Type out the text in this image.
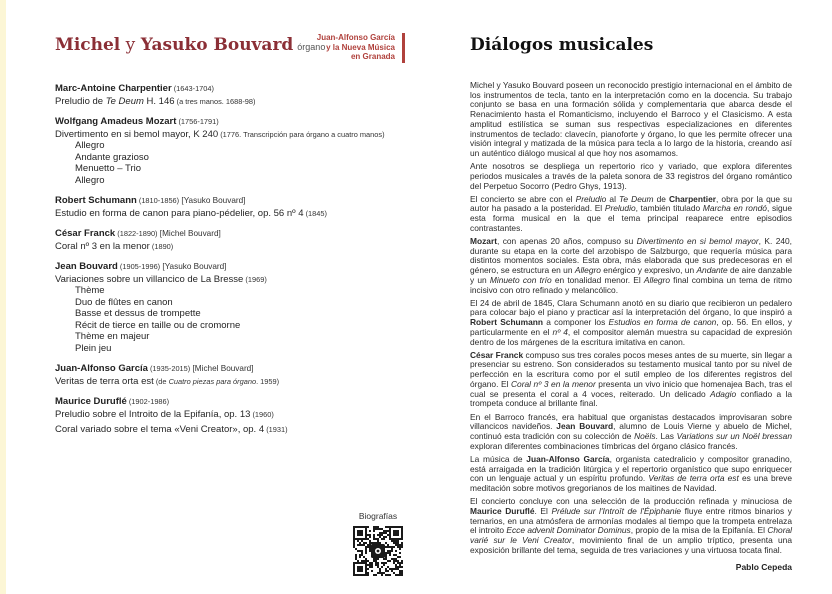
Michel y Yasuko Bouvard órgano
Marc-Antoine Charpentier (1643-1704)
Preludio de Te Deum H. 146 (a tres manos. 1688-98)
Wolfgang Amadeus Mozart (1756-1791)
Divertimento en si bemol mayor, K 240 (1776. Transcripción para órgano a cuatro manos)
Allegro
Andante grazioso
Menuetto – Trio
Allegro
Robert Schumann (1810-1856) [Yasuko Bouvard]
Estudio en forma de canon para piano-pédelier, op. 56 nº 4 (1845)
César Franck (1822-1890) [Michel Bouvard]
Coral nº 3 en la menor (1890)
Jean Bouvard (1905-1996) [Yasuko Bouvard]
Variaciones sobre un villancico de La Bresse (1969)
Thème
Duo de flûtes en canon
Basse et dessus de trompette
Récit de tierce en taille ou de cromorne
Thème en majeur
Plein jeu
Juan-Alfonso García (1935-2015) [Michel Bouvard]
Veritas de terra orta est (de Cuatro piezas para órgano. 1959)
Maurice Duruflé (1902-1986)
Preludio sobre el Introito de la Epifanía, op. 13 (1960)
Coral variado sobre el tema «Veni Creator», op. 4 (1931)
Juan-Alfonso García
y la Nueva Música
en Granada
Biografías
Diálogos musicales

Michel y Yasuko Bouvard poseen un reconocido prestigio internacional en el ámbito de los instrumentos de tecla, tanto en la interpretación como en la docencia. Su trabajo conjunto se basa en una formación sólida y complementaria que abarca desde el Renacimiento hasta el Romanticismo, incluyendo el Barroco y el Clasicismo. A esta amplitud estilística se suman sus respectivas especializaciones en diferentes instrumentos de teclado: clavecín, pianoforte y órgano, lo que les permite ofrecer una visión integral y matizada de la música para tecla a lo largo de la historia, creando así un auténtico diálogo musical al que hoy nos asomamos.

Ante nosotros se despliega un repertorio rico y variado, que explora diferentes periodos musicales a través de la paleta sonora de 33 registros del órgano romántico del Perpetuo Socorro (Pedro Ghys, 1913).

El concierto se abre con el Preludio al Te Deum de Charpentier, obra por la que su autor ha pasado a la posteridad. El Preludio, también titulado Marcha en rondó, sigue esta forma musical en la que el tema principal reaparece entre episodios contrastantes.

Mozart, con apenas 20 años, compuso su Divertimento en si bemol mayor, K. 240, durante su etapa en la corte del arzobispo de Salzburgo, que requería música para distintos momentos sociales. Esta obra, más elaborada que sus predecesoras en el género, se estructura en un Allegro enérgico y expresivo, un Andante de aire danzable y un Minueto con trío en tonalidad menor. El Allegro final combina un tema de ritmo incisivo con otro refinado y melancólico.

El 24 de abril de 1845, Clara Schumann anotó en su diario que recibieron un pedalero para colocar bajo el piano y practicar así la interpretación del órgano, lo que inspiró a Robert Schumann a componer los Estudios en forma de canon, op. 56. En ellos, y particularmente en el nº 4, el compositor alemán muestra su capacidad de expresión dentro de los márgenes de la escritura imitativa en canon.

César Franck compuso sus tres corales pocos meses antes de su muerte, sin llegar a presenciar su estreno. Son considerados su testamento musical tanto por su nivel de perfección en la escritura como por el sutil empleo de los diferentes registros del órgano. El Coral nº 3 en la menor presenta un vivo inicio que homenajea Bach, tras el cual se presenta el coral a 4 voces, reiterado. Un delicado Adagio confiado a la trompeta conduce al brillante final.

En el Barroco francés, era habitual que organistas destacados improvisaran sobre villancicos navideños. Jean Bouvard, alumno de Louis Vierne y abuelo de Michel, continuó esta tradición con su colección de Noëls. Las Variations sur un Noël bressan exploran diferentes combinaciones tímbricas del órgano clásico francés.

La música de Juan-Alfonso García, organista catedralicio y compositor granadino, está arraigada en la tradición litúrgica y el repertorio organístico que supo enriquecer con un lenguaje actual y un espíritu profundo. Veritas de terra orta est es una breve meditación sobre motivos gregorianos de los maitines de Navidad.

El concierto concluye con una selección de la producción refinada y minuciosa de Maurice Duruflé. El Prélude sur l'Introït de l'Épiphanie fluye entre ritmos binarios y ternarios, en una atmósfera de armonías modales al tiempo que la trompeta entrelaza el introito Ecce advenit Dominator Dominus, propio de la misa de la Epifanía. El Choral varié sur le Veni Creator, movimiento final de un amplio tríptico, presenta una exposición brillante del tema, seguida de tres variaciones y una virtuosa tocata final.

Pablo Cepeda
